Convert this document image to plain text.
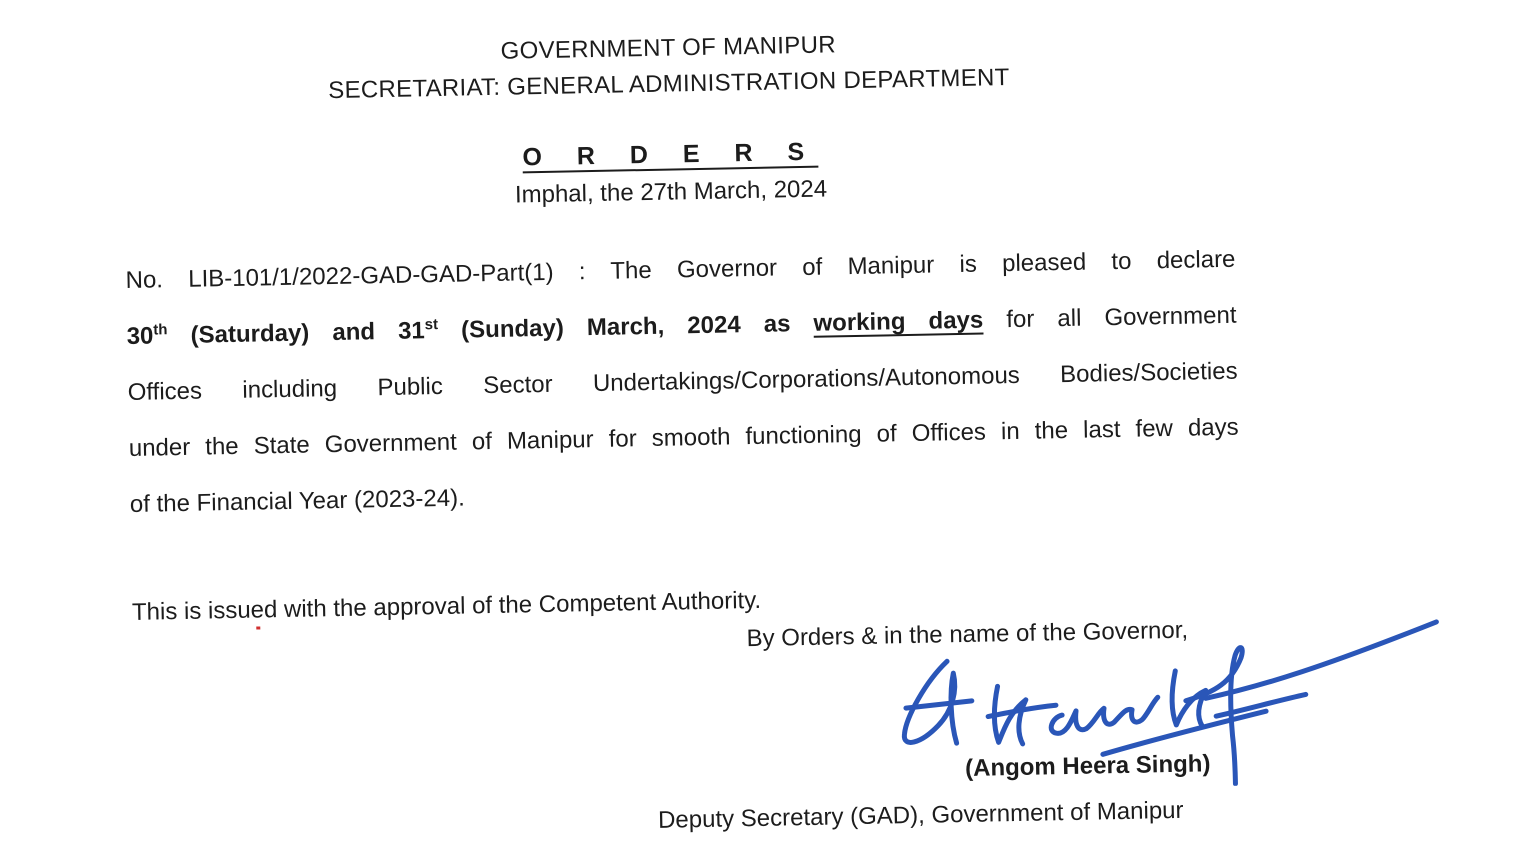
GOVERNMENT OF MANIPUR
SECRETARIAT: GENERAL ADMINISTRATION DEPARTMENT
O R D E R S
Imphal, the 27th March, 2024
No. LIB-101/1/2022-GAD-GAD-Part(1) : The Governor of Manipur is pleased to declare
30th (Saturday) and 31st (Sunday) March, 2024 as working days for all Government
Offices including Public Sector Undertakings/Corporations/Autonomous Bodies/Societies
under the State Government of Manipur for smooth functioning of Offices in the last few days
of the Financial Year (2023-24).
This is issued with the approval of the Competent Authority.
By Orders & in the name of the Governor,
(Angom Heera Singh)
Deputy Secretary (GAD), Government of Manipur
